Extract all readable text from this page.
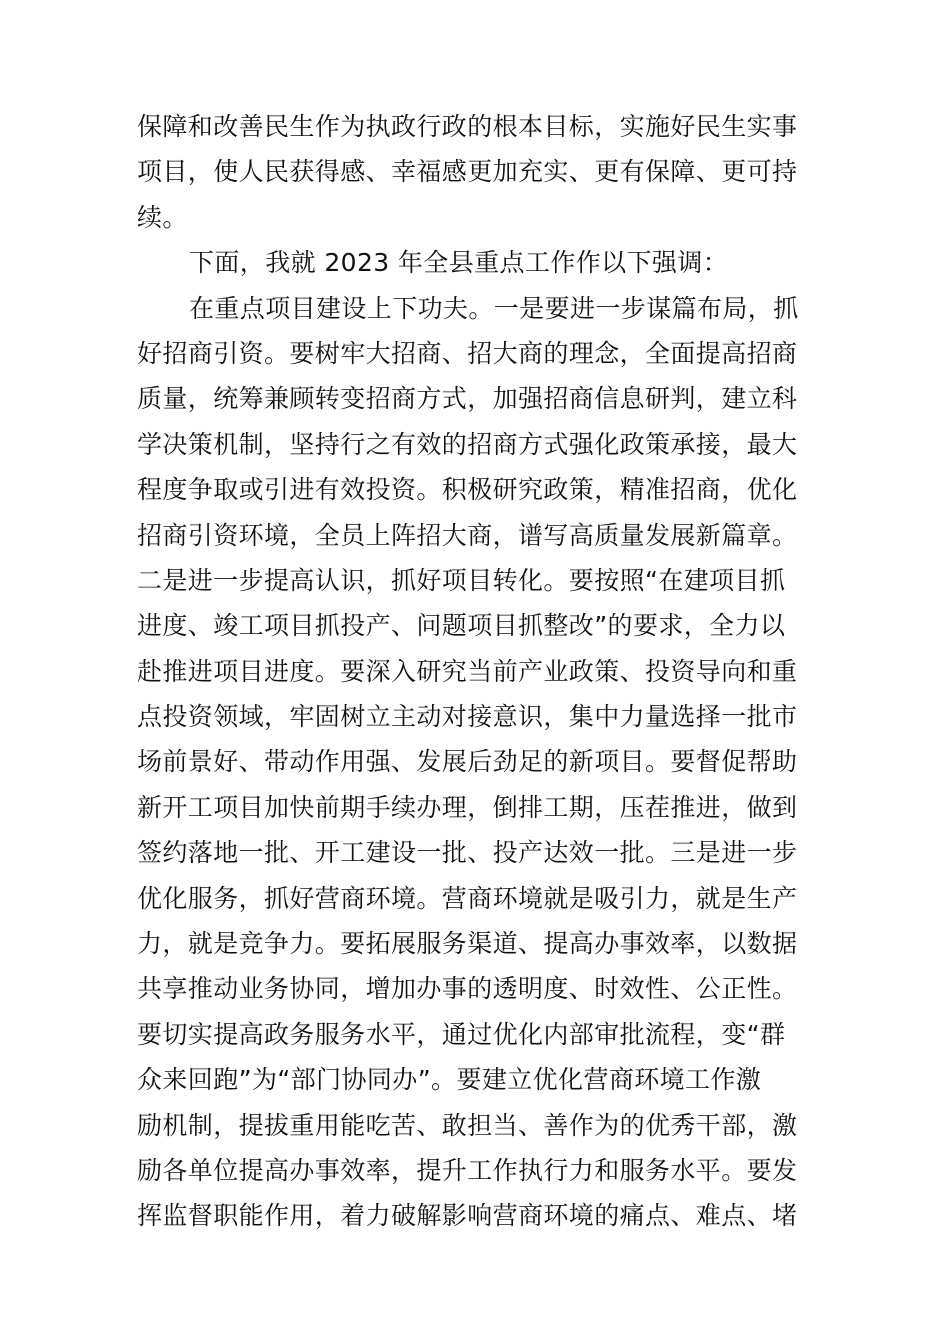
保障和改善民生作为执政行政的根本目标，实施好民生实事
项目，使人民获得感、幸福感更加充实、更有保障、更可持
续。
下面，我就 2023 年全县重点工作作以下强调：
在重点项目建设上下功夫。一是要进一步谋篇布局，抓
好招商引资。要树牢大招商、招大商的理念，全面提高招商
质量，统筹兼顾转变招商方式，加强招商信息研判，建立科
学决策机制，坚持行之有效的招商方式强化政策承接，最大
程度争取或引进有效投资。积极研究政策，精准招商，优化
招商引资环境，全员上阵招大商，谱写高质量发展新篇章。
二是进一步提高认识，抓好项目转化。要按照“在建项目抓
进度、竣工项目抓投产、问题项目抓整改”的要求，全力以
赴推进项目进度。要深入研究当前产业政策、投资导向和重
点投资领域，牢固树立主动对接意识，集中力量选择一批市
场前景好、带动作用强、发展后劲足的新项目。要督促帮助
新开工项目加快前期手续办理，倒排工期，压茬推进，做到
签约落地一批、开工建设一批、投产达效一批。三是进一步
优化服务，抓好营商环境。营商环境就是吸引力，就是生产
力，就是竞争力。要拓展服务渠道、提高办事效率，以数据
共享推动业务协同，增加办事的透明度、时效性、公正性。
要切实提高政务服务水平，通过优化内部审批流程，变“群
众来回跑”为“部门协同办”。要建立优化营商环境工作激
励机制，提拔重用能吃苦、敢担当、善作为的优秀干部，激
励各单位提高办事效率，提升工作执行力和服务水平。要发
挥监督职能作用，着力破解影响营商环境的痛点、难点、堵
